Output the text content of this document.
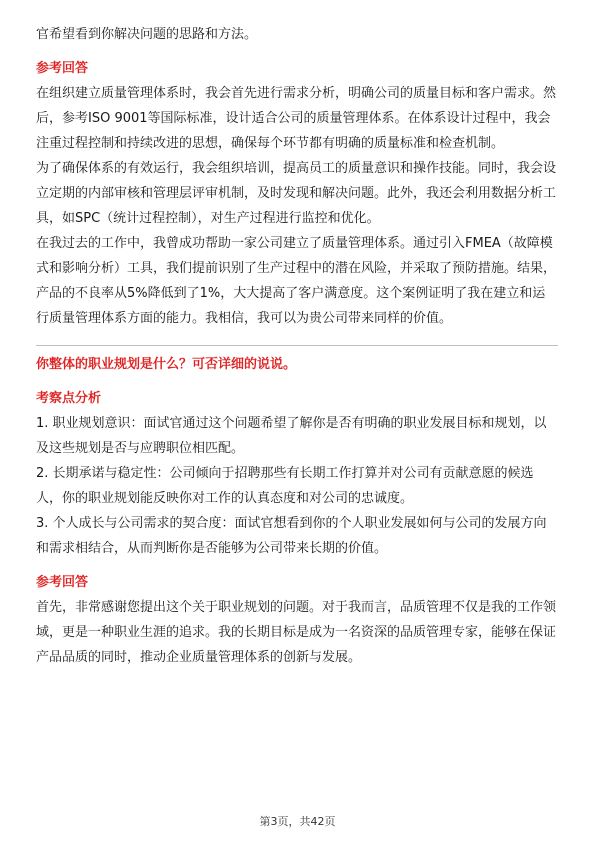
官希望看到你解决问题的思路和方法。

参考回答

在组织建立质量管理体系时，我会首先进行需求分析，明确公司的质量目标和客户需求。然后，参考ISO 9001等国际标准，设计适合公司的质量管理体系。在体系设计过程中，我会注重过程控制和持续改进的思想，确保每个环节都有明确的质量标准和检查机制。

为了确保体系的有效运行，我会组织培训，提高员工的质量意识和操作技能。同时，我会设立定期的内部审核和管理层评审机制，及时发现和解决问题。此外，我还会利用数据分析工具，如SPC（统计过程控制），对生产过程进行监控和优化。

在我过去的工作中，我曾成功帮助一家公司建立了质量管理体系。通过引入FMEA（故障模式和影响分析）工具，我们提前识别了生产过程中的潜在风险，并采取了预防措施。结果，产品的不良率从5%降低到了1%，大大提高了客户满意度。这个案例证明了我在建立和运行质量管理体系方面的能力。我相信，我可以为贵公司带来同样的价值。

你整体的职业规划是什么？可否详细的说说。
考察点分析

1. 职业规划意识：面试官通过这个问题希望了解你是否有明确的职业发展目标和规划，以及这些规划是否与应聘职位相匹配。

2. 长期承诺与稳定性：公司倾向于招聘那些有长期工作打算并对公司有贡献意愿的候选人，你的职业规划能反映你对工作的认真态度和对公司的忠诚度。

3. 个人成长与公司需求的契合度：面试官想看到你的个人职业发展如何与公司的发展方向和需求相结合，从而判断你是否能够为公司带来长期的价值。

参考回答

首先，非常感谢您提出这个关于职业规划的问题。对于我而言，品质管理不仅是我的工作领域，更是一种职业生涯的追求。我的长期目标是成为一名资深的品质管理专家，能够在保证产品品质的同时，推动企业质量管理体系的创新与发展。

第3页，共42页
